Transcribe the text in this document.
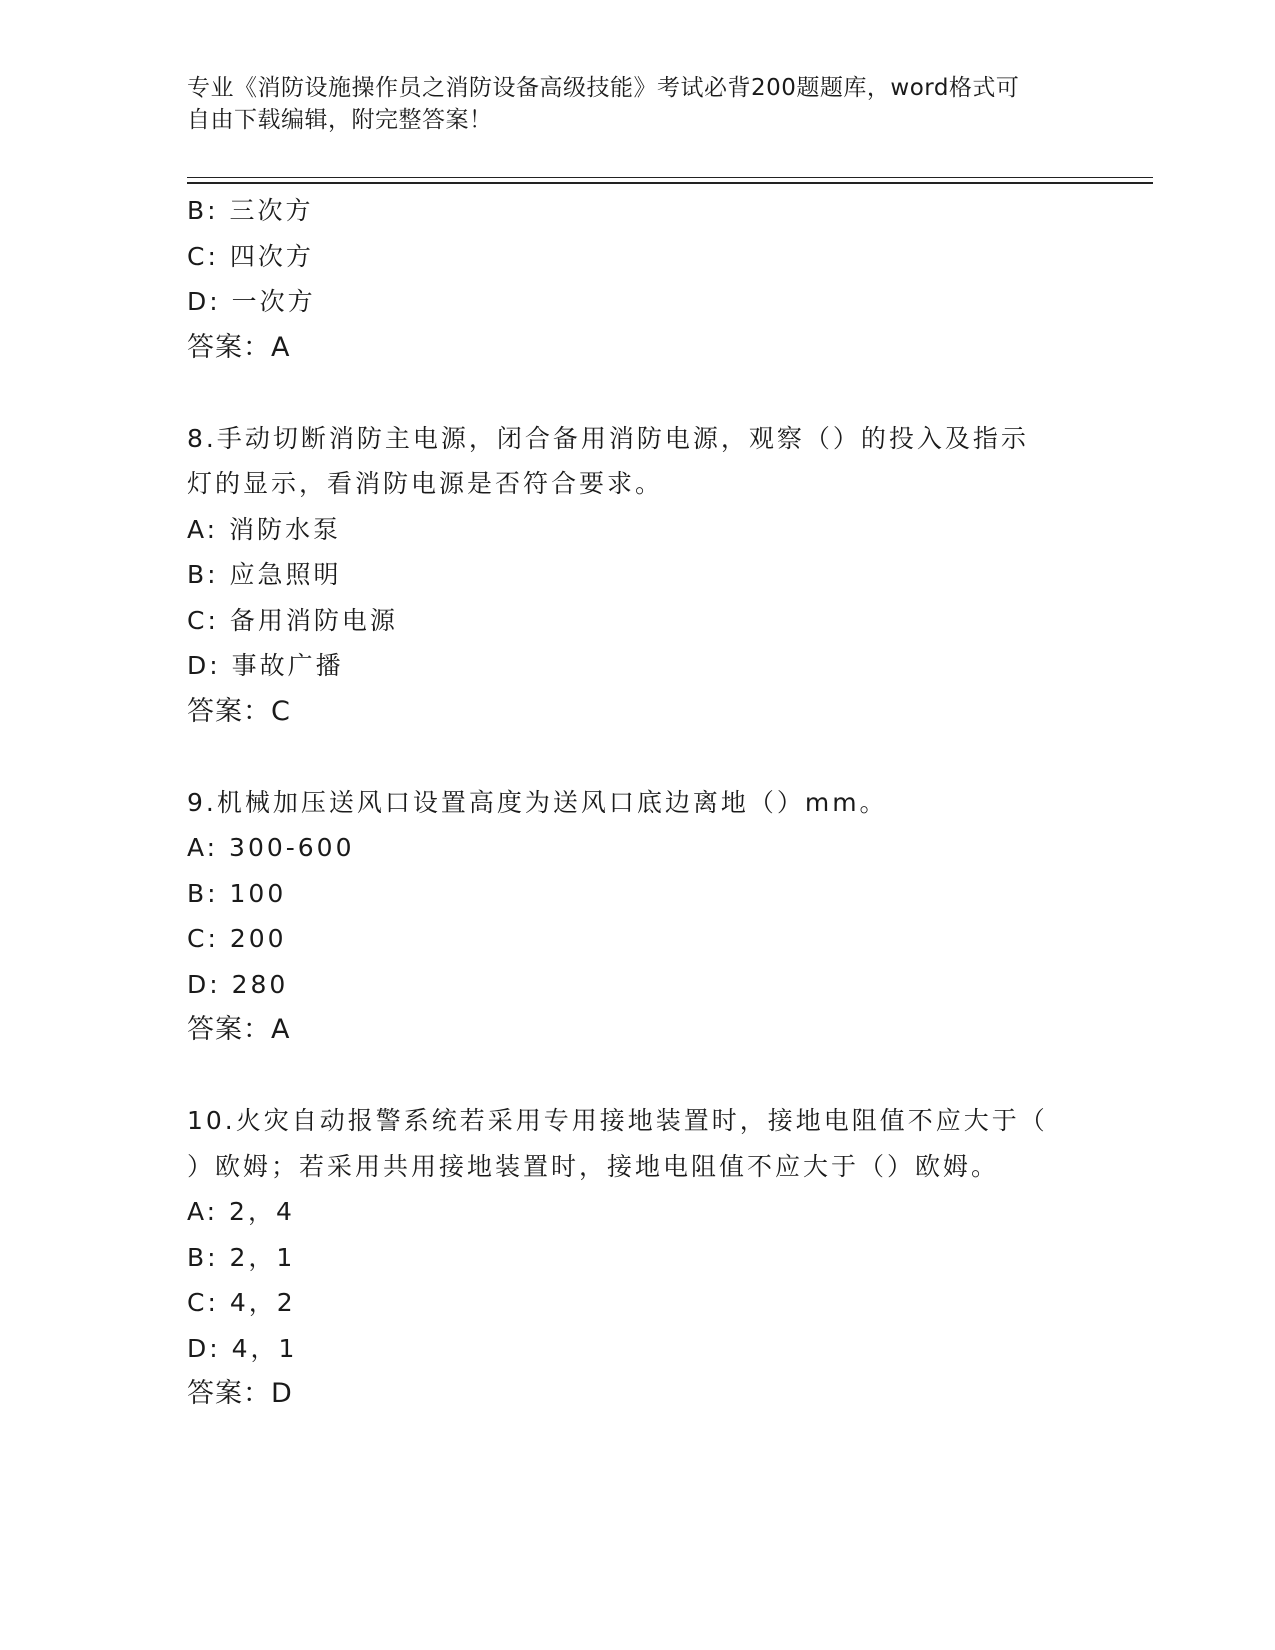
专业《消防设施操作员之消防设备高级技能》考试必背200题题库，word格式可
自由下载编辑，附完整答案！
B: 三次方
C: 四次方
D: 一次方
答案：A
8.手动切断消防主电源，闭合备用消防电源，观察（）的投入及指示
灯的显示，看消防电源是否符合要求。
A: 消防水泵
B: 应急照明
C: 备用消防电源
D: 事故广播
答案：C
9.机械加压送风口设置高度为送风口底边离地（）mm。
A: 300-600
B: 100
C: 200
D: 280
答案：A
10.火灾自动报警系统若采用专用接地装置时，接地电阻值不应大于（
）欧姆；若采用共用接地装置时，接地电阻值不应大于（）欧姆。
A: 2，4
B: 2，1
C: 4，2
D: 4，1
答案：D
